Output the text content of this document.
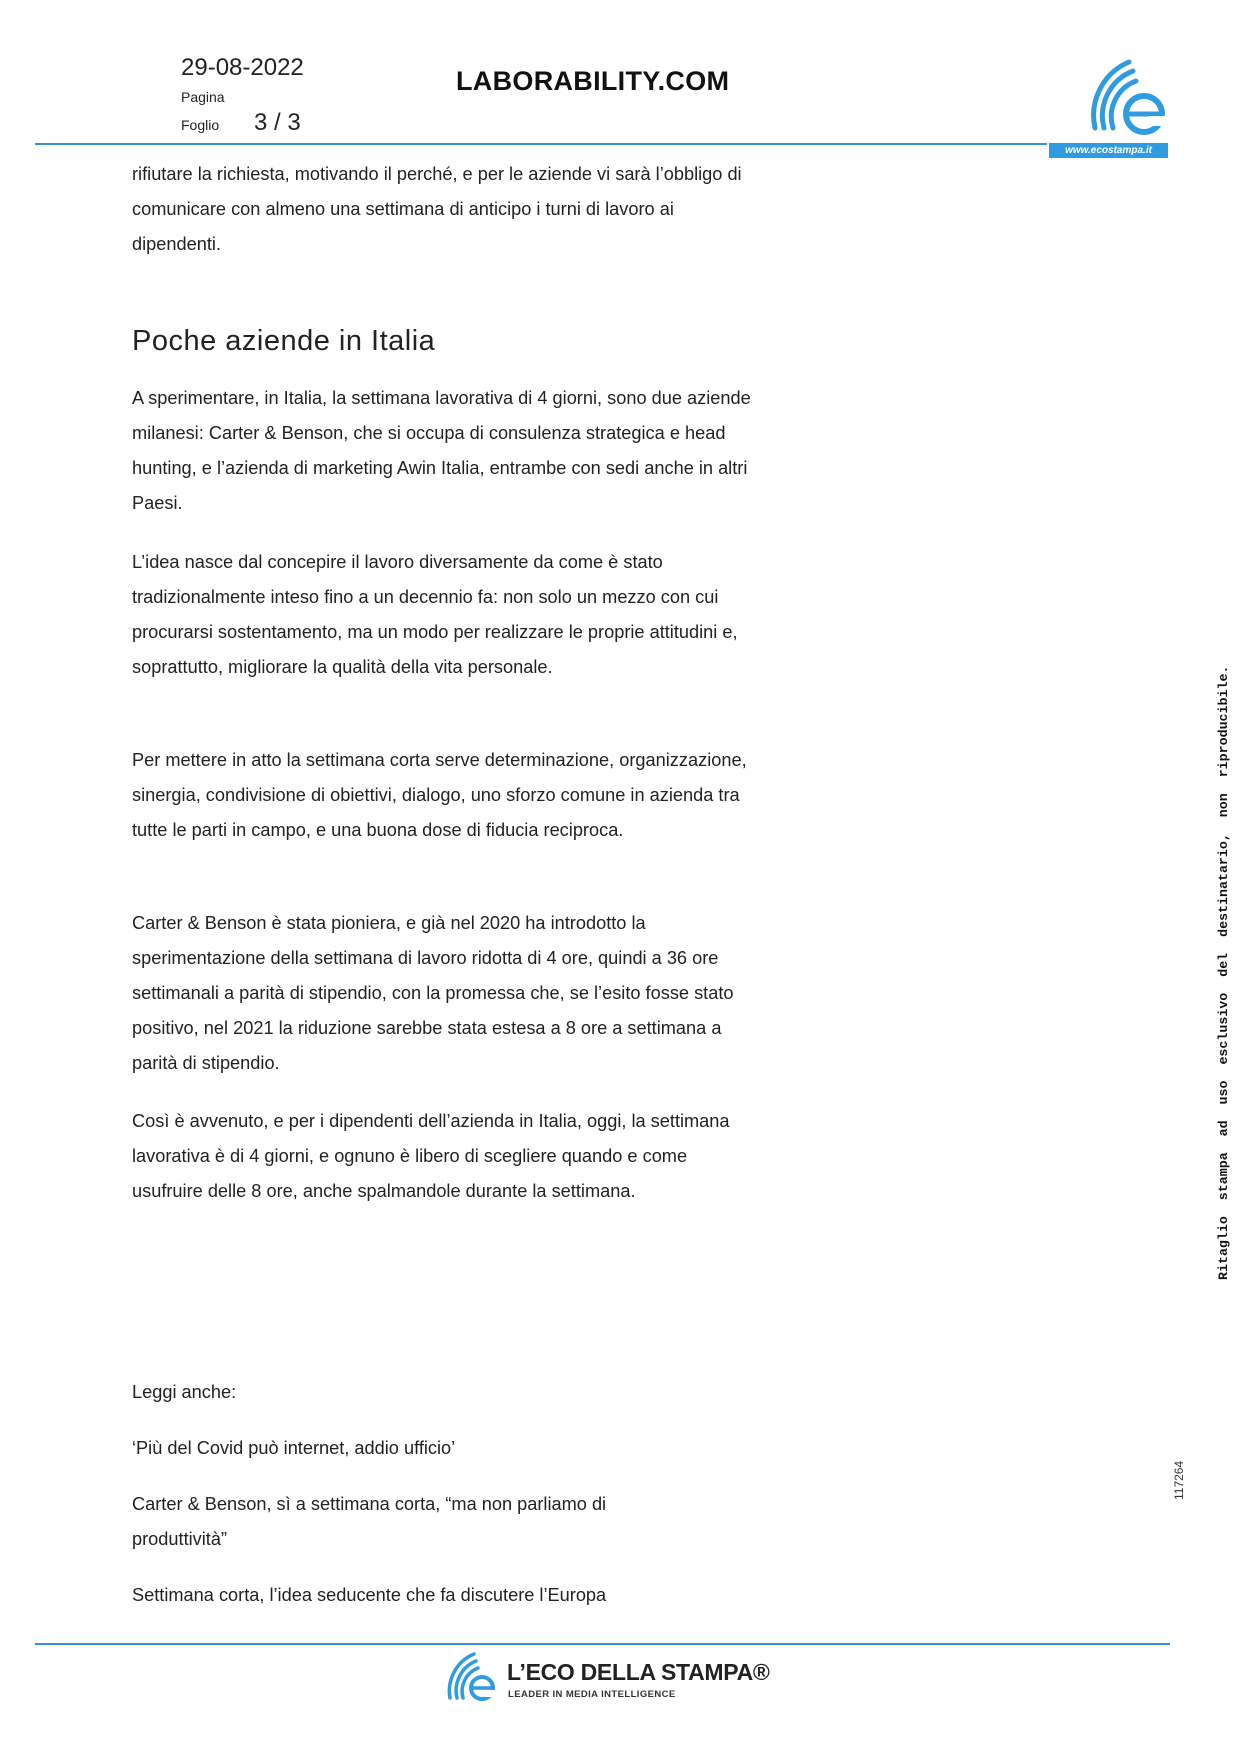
29-08-2022
Pagina
Foglio 3 / 3
LABORABILITY.COM
www.ecostampa.it
rifiutare la richiesta, motivando il perché, e per le aziende vi sarà l’obbligo di comunicare con almeno una settimana di anticipo i turni di lavoro ai dipendenti.
Poche aziende in Italia
A sperimentare, in Italia, la settimana lavorativa di 4 giorni, sono due aziende milanesi: Carter & Benson, che si occupa di consulenza strategica e head hunting, e l’azienda di marketing Awin Italia, entrambe con sedi anche in altri Paesi.
L’idea nasce dal concepire il lavoro diversamente da come è stato tradizionalmente inteso fino a un decennio fa: non solo un mezzo con cui procurarsi sostentamento, ma un modo per realizzare le proprie attitudini e, soprattutto, migliorare la qualità della vita personale.
Per mettere in atto la settimana corta serve determinazione, organizzazione, sinergia, condivisione di obiettivi, dialogo, uno sforzo comune in azienda tra tutte le parti in campo, e una buona dose di fiducia reciproca.
Carter & Benson è stata pioniera, e già nel 2020 ha introdotto la sperimentazione della settimana di lavoro ridotta di 4 ore, quindi a 36 ore settimanali a parità di stipendio, con la promessa che, se l’esito fosse stato positivo, nel 2021 la riduzione sarebbe stata estesa a 8 ore a settimana a parità di stipendio.
Così è avvenuto, e per i dipendenti dell’azienda in Italia, oggi, la settimana lavorativa è di 4 giorni, e ognuno è libero di scegliere quando e come usufruire delle 8 ore, anche spalmandole durante la settimana.
Leggi anche:
‘Più del Covid può internet, addio ufficio’
Carter & Benson, sì a settimana corta, “ma non parliamo di produttività”
Settimana corta, l’idea seducente che fa discutere l’Europa
Ritaglio  stampa  ad  uso  esclusivo  del  destinatario,  non  riproducibile.
117264
L’ECO DELLA STAMPA®
LEADER IN MEDIA INTELLIGENCE
